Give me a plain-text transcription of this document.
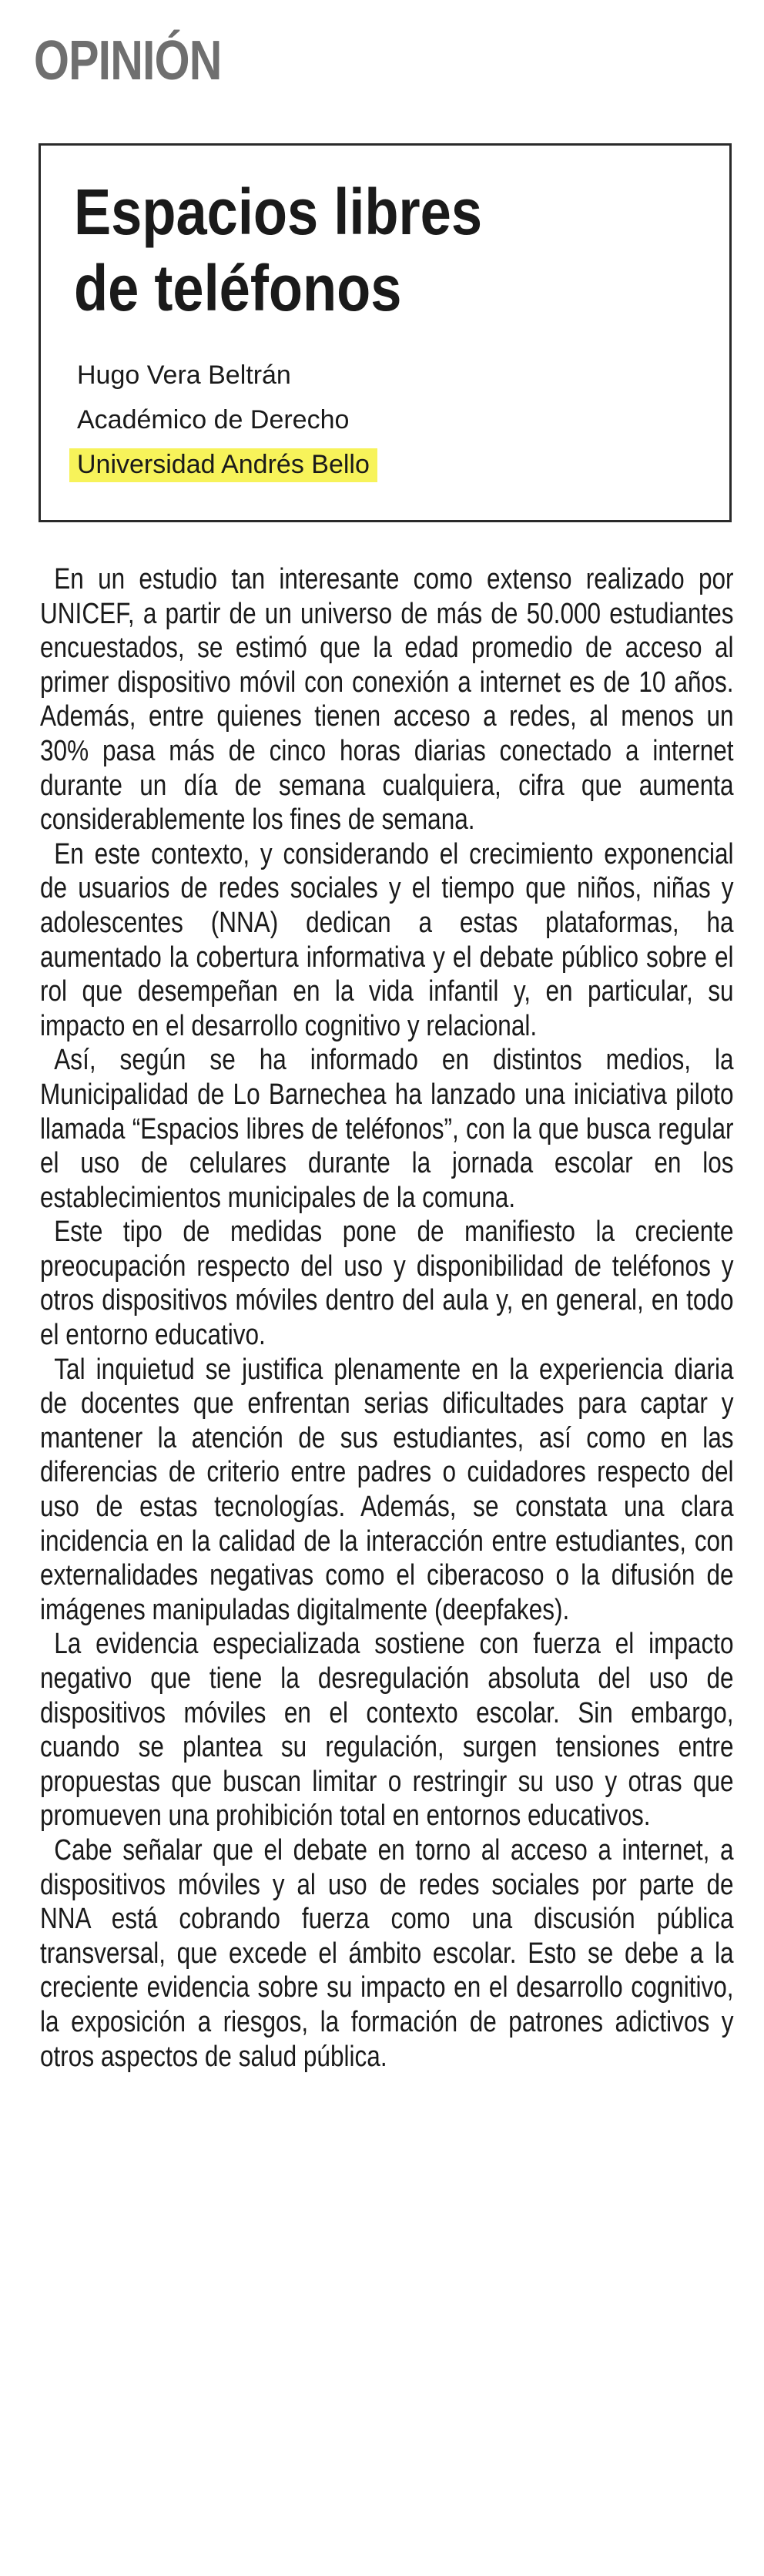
OPINIÓN
Espacios libres
de teléfonos
Hugo Vera Beltrán
Académico de Derecho
Universidad Andrés Bello

En un estudio tan interesante como extenso realizado por UNICEF, a partir de un universo de más de 50.000 estudiantes encuestados, se estimó que la edad promedio de acceso al primer dispositivo móvil con conexión a internet es de 10 años. Además, entre quienes tienen acceso a redes, al menos un 30% pasa más de cinco horas diarias conectado a internet durante un día de semana cualquiera, cifra que aumenta considerablemente los fines de semana.

En este contexto, y considerando el crecimiento exponencial de usuarios de redes sociales y el tiempo que niños, niñas y adolescentes (NNA) dedican a estas plataformas, ha aumentado la cobertura informativa y el debate público sobre el rol que desempeñan en la vida infantil y, en particular, su impacto en el desarrollo cognitivo y relacional.

Así, según se ha informado en distintos medios, la Municipalidad de Lo Barnechea ha lanzado una iniciativa piloto llamada “Espacios libres de teléfonos”, con la que busca regular el uso de celulares durante la jornada escolar en los establecimientos municipales de la comuna.

Este tipo de medidas pone de manifiesto la creciente preocupación respecto del uso y disponibilidad de teléfonos y otros dispositivos móviles dentro del aula y, en general, en todo el entorno educativo.

Tal inquietud se justifica plenamente en la experiencia diaria de docentes que enfrentan serias dificultades para captar y mantener la atención de sus estudiantes, así como en las diferencias de criterio entre padres o cuidadores respecto del uso de estas tecnologías. Además, se constata una clara incidencia en la calidad de la interacción entre estudiantes, con externalidades negativas como el ciberacoso o la difusión de imágenes manipuladas digitalmente (deepfakes).

La evidencia especializada sostiene con fuerza el impacto negativo que tiene la desregulación absoluta del uso de dispositivos móviles en el contexto escolar. Sin embargo, cuando se plantea su regulación, surgen tensiones entre propuestas que buscan limitar o restringir su uso y otras que promueven una prohibición total en entornos educativos.

Cabe señalar que el debate en torno al acceso a internet, a dispositivos móviles y al uso de redes sociales por parte de NNA está cobrando fuerza como una discusión pública transversal, que excede el ámbito escolar. Esto se debe a la creciente evidencia sobre su impacto en el desarrollo cognitivo, la exposición a riesgos, la formación de patrones adictivos y otros aspectos de salud pública.
